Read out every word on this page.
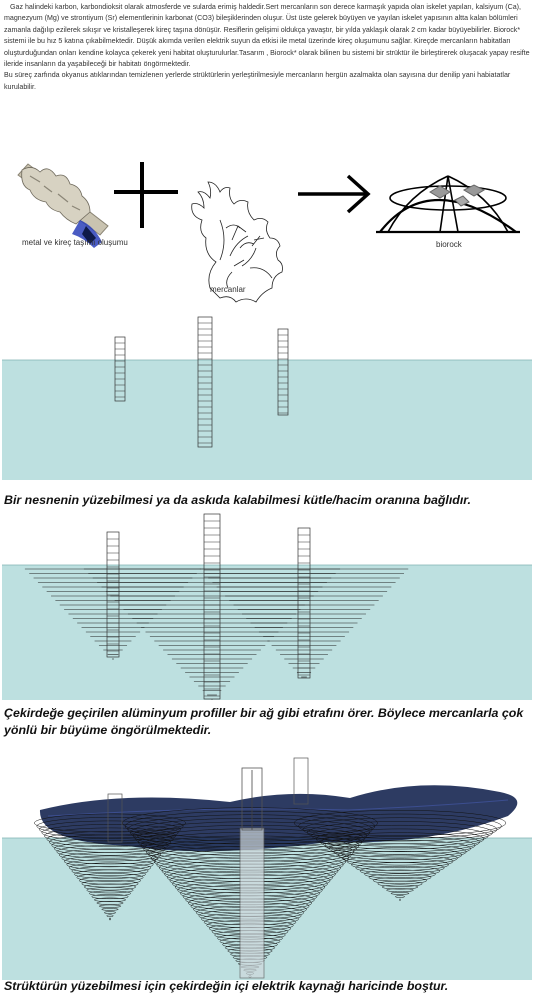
Gaz halindeki karbon, karbondioksit olarak atmosferde ve sularda erimiş haldedir.Sert mercanların son derece karmaşık yapıda olan iskelet yapıları, kalsiyum (Ca), magnezyum (Mg) ve strontiyum (Sr) elementlerinin karbonat (CO3) bileşiklerinden oluşur. Üst üste gelerek büyüyen ve yayılan iskelet yapısının altta kalan bölümleri zamanla dağılıp ezilerek sıkışır ve kristalleşerek kireç taşına dönüşür. Resiflerin gelişimi oldukça yavaştır, bir yılda yaklaşık olarak 2 cm kadar büyüyebilirler. Biorock* sistemi ile bu hız 5 katına çıkabilmektedir. Düşük akımda verilen elektrik suyun da etkisi ile metal üzerinde kireç oluşumunu sağlar. Kireçde mercanların habitatları oluşturduğundan onları kendine kolayca çekerek yeni habitat oluşturulurlar.Tasarım , Biorock* olarak bilinen bu sistemi bir strüktür ile birleştirerek oluşacak yapay resifte ileride insanların da yaşabileceği bir habitatı öngörmektedir.

Bu süreç zarfında okyanus atıklarından temizlenen yerlerde strüktürlerin yerleştirilmesiyle mercanların hergün azalmakta olan sayısına dur denilip yani habiatatlar kurulabilir.

metal ve kireç taşımı oluşumu
mercanlar
biorock
Bir nesnenin yüzebilmesi ya da askıda kalabilmesi kütle/hacim oranına bağlıdır.
Çekirdeğe geçirilen alüminyum profiller bir ağ gibi etrafını örer. Böylece mercanlarla çok yönlü bir büyüme öngörülmektedir.
Strüktürün yüzebilmesi için çekirdeğin içi elektrik kaynağı haricinde boştur.
